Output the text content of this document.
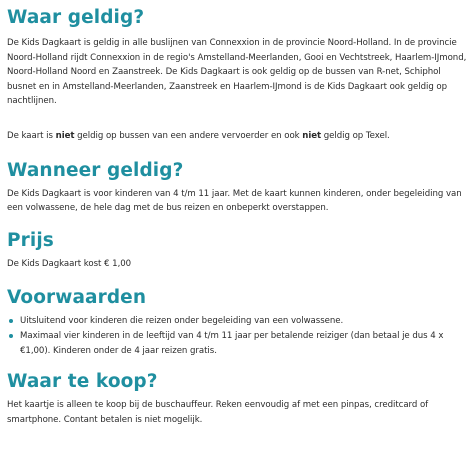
Waar geldig?

De Kids Dagkaart is geldig in alle buslijnen van Connexxion in de provincie Noord-Holland. In de provincie Noord-Holland rijdt Connexxion in de regio's Amstelland-Meerlanden, Gooi en Vechtstreek, Haarlem-IJmond, Noord-Holland Noord en Zaanstreek. De Kids Dagkaart is ook geldig op de bussen van R-net, Schiphol busnet en in Amstelland-Meerlanden, Zaanstreek en Haarlem-IJmond is de Kids Dagkaart ook geldig op nachtlijnen.

De kaart is niet geldig op bussen van een andere vervoerder en ook niet geldig op Texel.

Wanneer geldig?

De Kids Dagkaart is voor kinderen van 4 t/m 11 jaar. Met de kaart kunnen kinderen, onder begeleiding van een volwassene, de hele dag met de bus reizen en onbeperkt overstappen.

Prijs

De Kids Dagkaart kost € 1,00

Voorwaarden
Uitsluitend voor kinderen die reizen onder begeleiding van een volwassene.
Maximaal vier kinderen in de leeftijd van 4 t/m 11 jaar per betalende reiziger (dan betaal je dus 4 x €1,00). Kinderen onder de 4 jaar reizen gratis.
Waar te koop?

Het kaartje is alleen te koop bij de buschauffeur. Reken eenvoudig af met een pinpas, creditcard of smartphone. Contant betalen is niet mogelijk.
